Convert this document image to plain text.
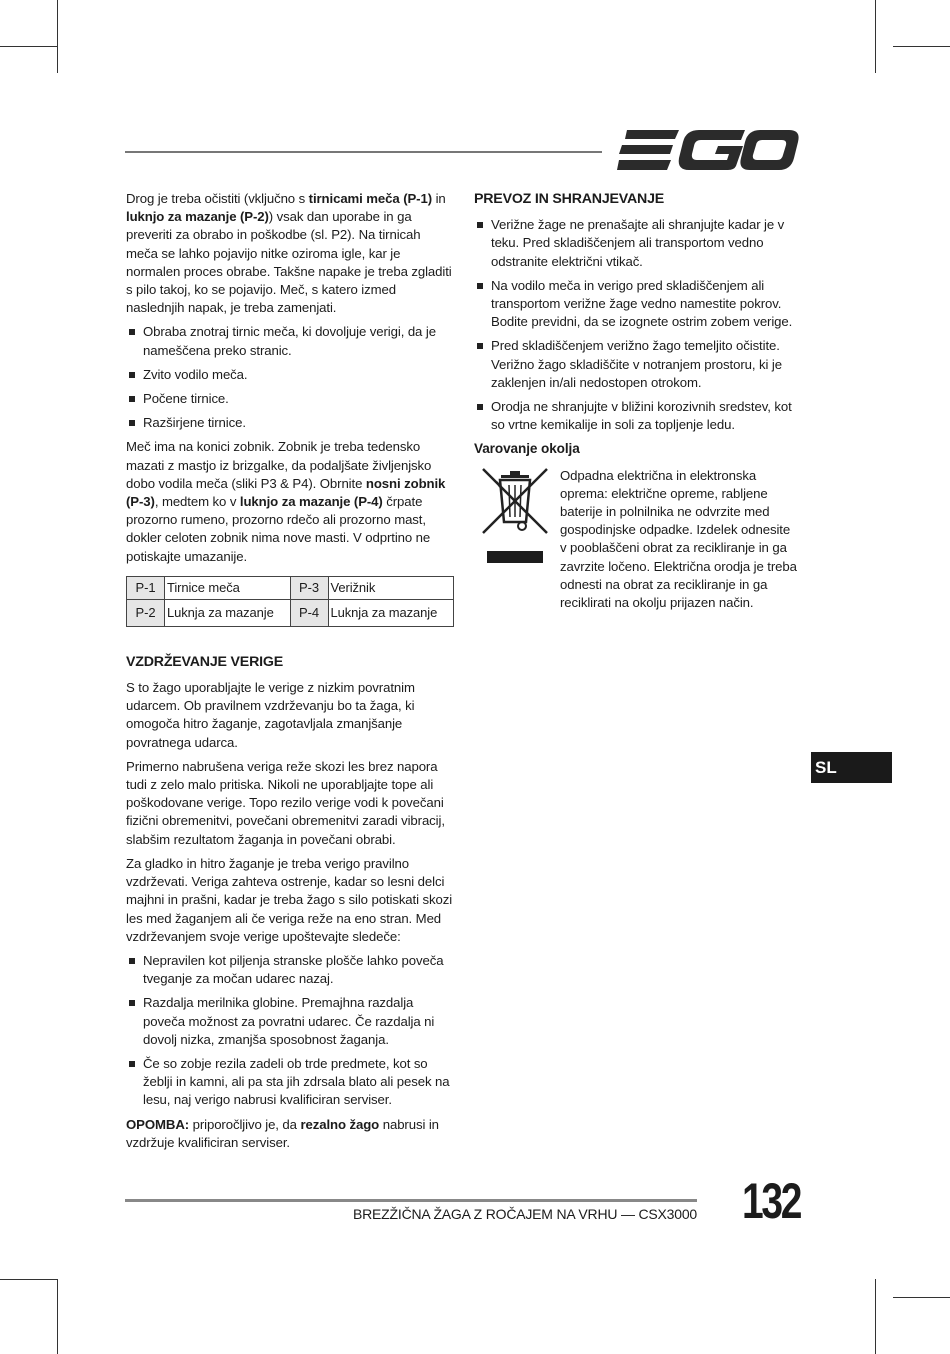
Drog je treba očistiti (vključno s tirnicami meča (P-1) in luknjo za mazanje (P-2)) vsak dan uporabe in ga preveriti za obrabo in poškodbe (sl. P2). Na tirnicah meča se lahko pojavijo nitke oziroma igle, kar je normalen proces obrabe. Takšne napake je treba zgladiti s pilo takoj, ko se pojavijo. Meč, s katero izmed naslednjih napak, je treba zamenjati.

Obraba znotraj tirnic meča, ki dovoljuje verigi, da je nameščena preko stranic.
Zvito vodilo meča.
Počene tirnice.
Razširjene tirnice.

Meč ima na konici zobnik. Zobnik je treba tedensko mazati z mastjo iz brizgalke, da podaljšate življenjsko dobo vodila meča (sliki P3 & P4). Obrnite nosni zobnik (P-3), medtem ko v luknjo za mazanje (P-4) črpate prozorno rumeno, prozorno rdečo ali prozorno mast, dokler celoten zobnik nima nove masti. V odprtino ne potiskajte umazanije.

P-1	Tirnice meča	P-3	Verižnik
P-2	Luknja za mazanje	P-4	Luknja za mazanje
VZDRŽEVANJE VERIGE

S to žago uporabljajte le verige z nizkim povratnim udarcem. Ob pravilnem vzdrževanju bo ta žaga, ki omogoča hitro žaganje, zagotavljala zmanjšanje povratnega udarca.

Primerno nabrušena veriga reže skozi les brez napora tudi z zelo malo pritiska. Nikoli ne uporabljajte tope ali poškodovane verige. Topo rezilo verige vodi k povečani fizični obremenitvi, povečani obremenitvi zaradi vibracij, slabšim rezultatom žaganja in povečani obrabi.

Za gladko in hitro žaganje je treba verigo pravilno vzdrževati. Veriga zahteva ostrenje, kadar so lesni delci majhni in prašni, kadar je treba žago s silo potiskati skozi les med žaganjem ali če veriga reže na eno stran. Med vzdrževanjem svoje verige upoštevajte sledeče:

Nepravilen kot piljenja stranske plošče lahko poveča tveganje za močan udarec nazaj.
Razdalja merilnika globine. Premajhna razdalja poveča možnost za povratni udarec. Če razdalja ni dovolj nizka, zmanjša sposobnost žaganja.
Če so zobje rezila zadeli ob trde predmete, kot so žeblji in kamni, ali pa sta jih zdrsala blato ali pesek na lesu, naj verigo nabrusi kvalificiran serviser.

OPOMBA: priporočljivo je, da rezalno žago nabrusi in vzdržuje kvalificiran serviser.

PREVOZ IN SHRANJEVANJE
Verižne žage ne prenašajte ali shranjujte kadar je v teku. Pred skladiščenjem ali transportom vedno odstranite električni vtikač.
Na vodilo meča in verigo pred skladiščenjem ali transportom verižne žage vedno namestite pokrov. Bodite previdni, da se izognete ostrim zobem verige.
Pred skladiščenjem verižno žago temeljito očistite. Verižno žago skladiščite v notranjem prostoru, ki je zaklenjen in/ali nedostopen otrokom.
Orodja ne shranjujte v bližini korozivnih sredstev, kot so vrtne kemikalije in soli za topljenje ledu.
Varovanje okolja
Odpadna električna in elektronska oprema: električne opreme, rabljene baterije in polnilnika ne odvrzite med gospodinjske odpadke. Izdelek odnesite v pooblaščeni obrat za recikliranje in ga zavrzite ločeno. Električna orodja je treba odnesti na obrat za recikliranje in ga reciklirati na okolju prijazen način.
SL
BREZŽIČNA ŽAGA Z ROČAJEM NA VRHU — CSX3000 132
